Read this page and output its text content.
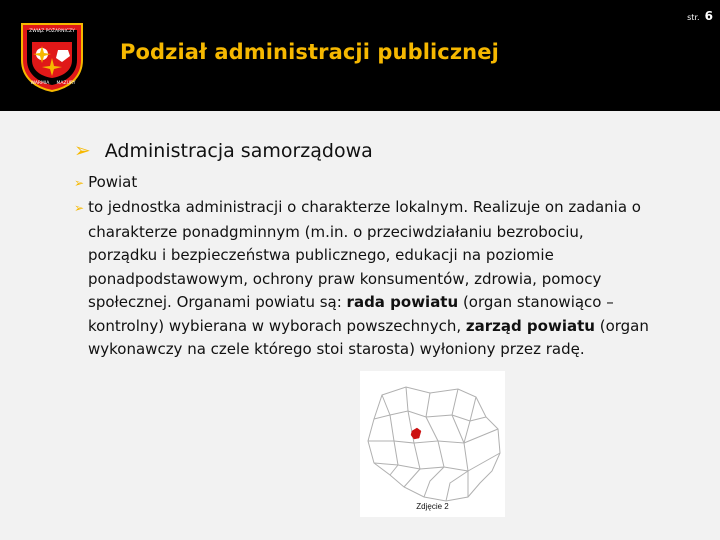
ZWIĄZ POŻARNICZY
WARMIA MAZURY
Podział administracji publicznej
str. 6
➢ Administracja samorządowa
➢ Powiat
➢ to jednostka administracji o charakterze lokalnym. Realizuje on zadania o
charakterze ponadgminnym (m.in. o przeciwdziałaniu bezrobociu,
porządku i bezpieczeństwa publicznego, edukacji na poziomie
ponadpodstawowym, ochrony praw konsumentów, zdrowia, pomocy
społecznej. Organami powiatu są: rada powiatu (organ stanowiąco –
kontrolny) wybierana w wyborach powszechnych, zarząd powiatu (organ
wykonawczy na czele którego stoi starosta) wyłoniony przez radę.
Zdjęcie 2
